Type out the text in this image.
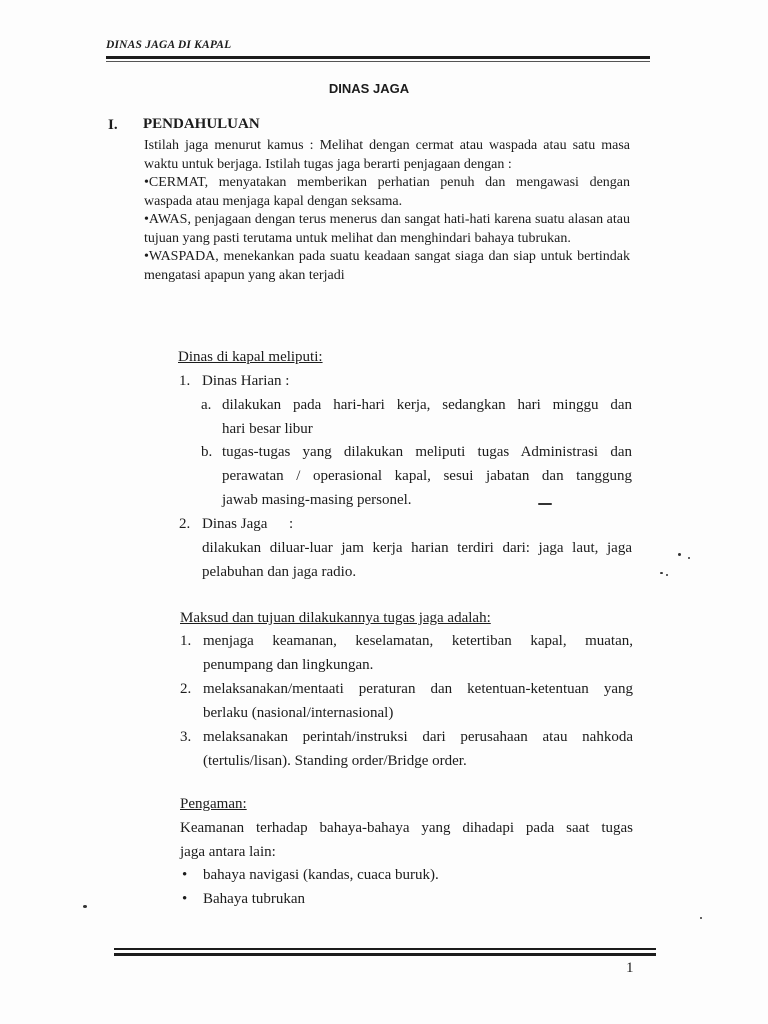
DINAS JAGA DI KAPAL
DINAS JAGA
I. PENDAHULUAN

Istilah jaga menurut kamus : Melihat dengan cermat atau waspada atau satu masa waktu untuk berjaga. Istilah tugas jaga berarti penjagaan dengan :

• CERMAT, menyatakan memberikan perhatian penuh dan mengawasi dengan waspada atau menjaga kapal dengan seksama.

• AWAS, penjagaan dengan terus menerus dan sangat hati-hati karena suatu alasan atau tujuan yang pasti terutama untuk melihat dan menghindari bahaya tubrukan.

• WASPADA, menekankan pada suatu keadaan sangat siaga dan siap untuk bertindak mengatasi apapun yang akan terjadi

Dinas di kapal meliputi:
1. Dinas Harian :
a. dilakukan pada hari-hari kerja, sedangkan hari minggu dan
hari besar libur
b. tugas-tugas yang dilakukan meliputi tugas Administrasi dan
perawatan / operasional kapal, sesui jabatan dan tanggung
jawab masing-masing personel.
2. Dinas Jaga :
dilakukan diluar-luar jam kerja harian terdiri dari: jaga laut, jaga
pelabuhan dan jaga radio.
Maksud dan tujuan dilakukannya tugas jaga adalah:
1. menjaga keamanan, keselamatan, ketertiban kapal, muatan,
penumpang dan lingkungan.
2. melaksanakan/mentaati peraturan dan ketentuan-ketentuan yang
berlaku (nasional/internasional)
3. melaksanakan perintah/instruksi dari perusahaan atau nahkoda
(tertulis/lisan). Standing order/Bridge order.
Pengaman:
Keamanan terhadap bahaya-bahaya yang dihadapi pada saat tugas
jaga antara lain:
• bahaya navigasi (kandas, cuaca buruk).
• Bahaya tubrukan
1
